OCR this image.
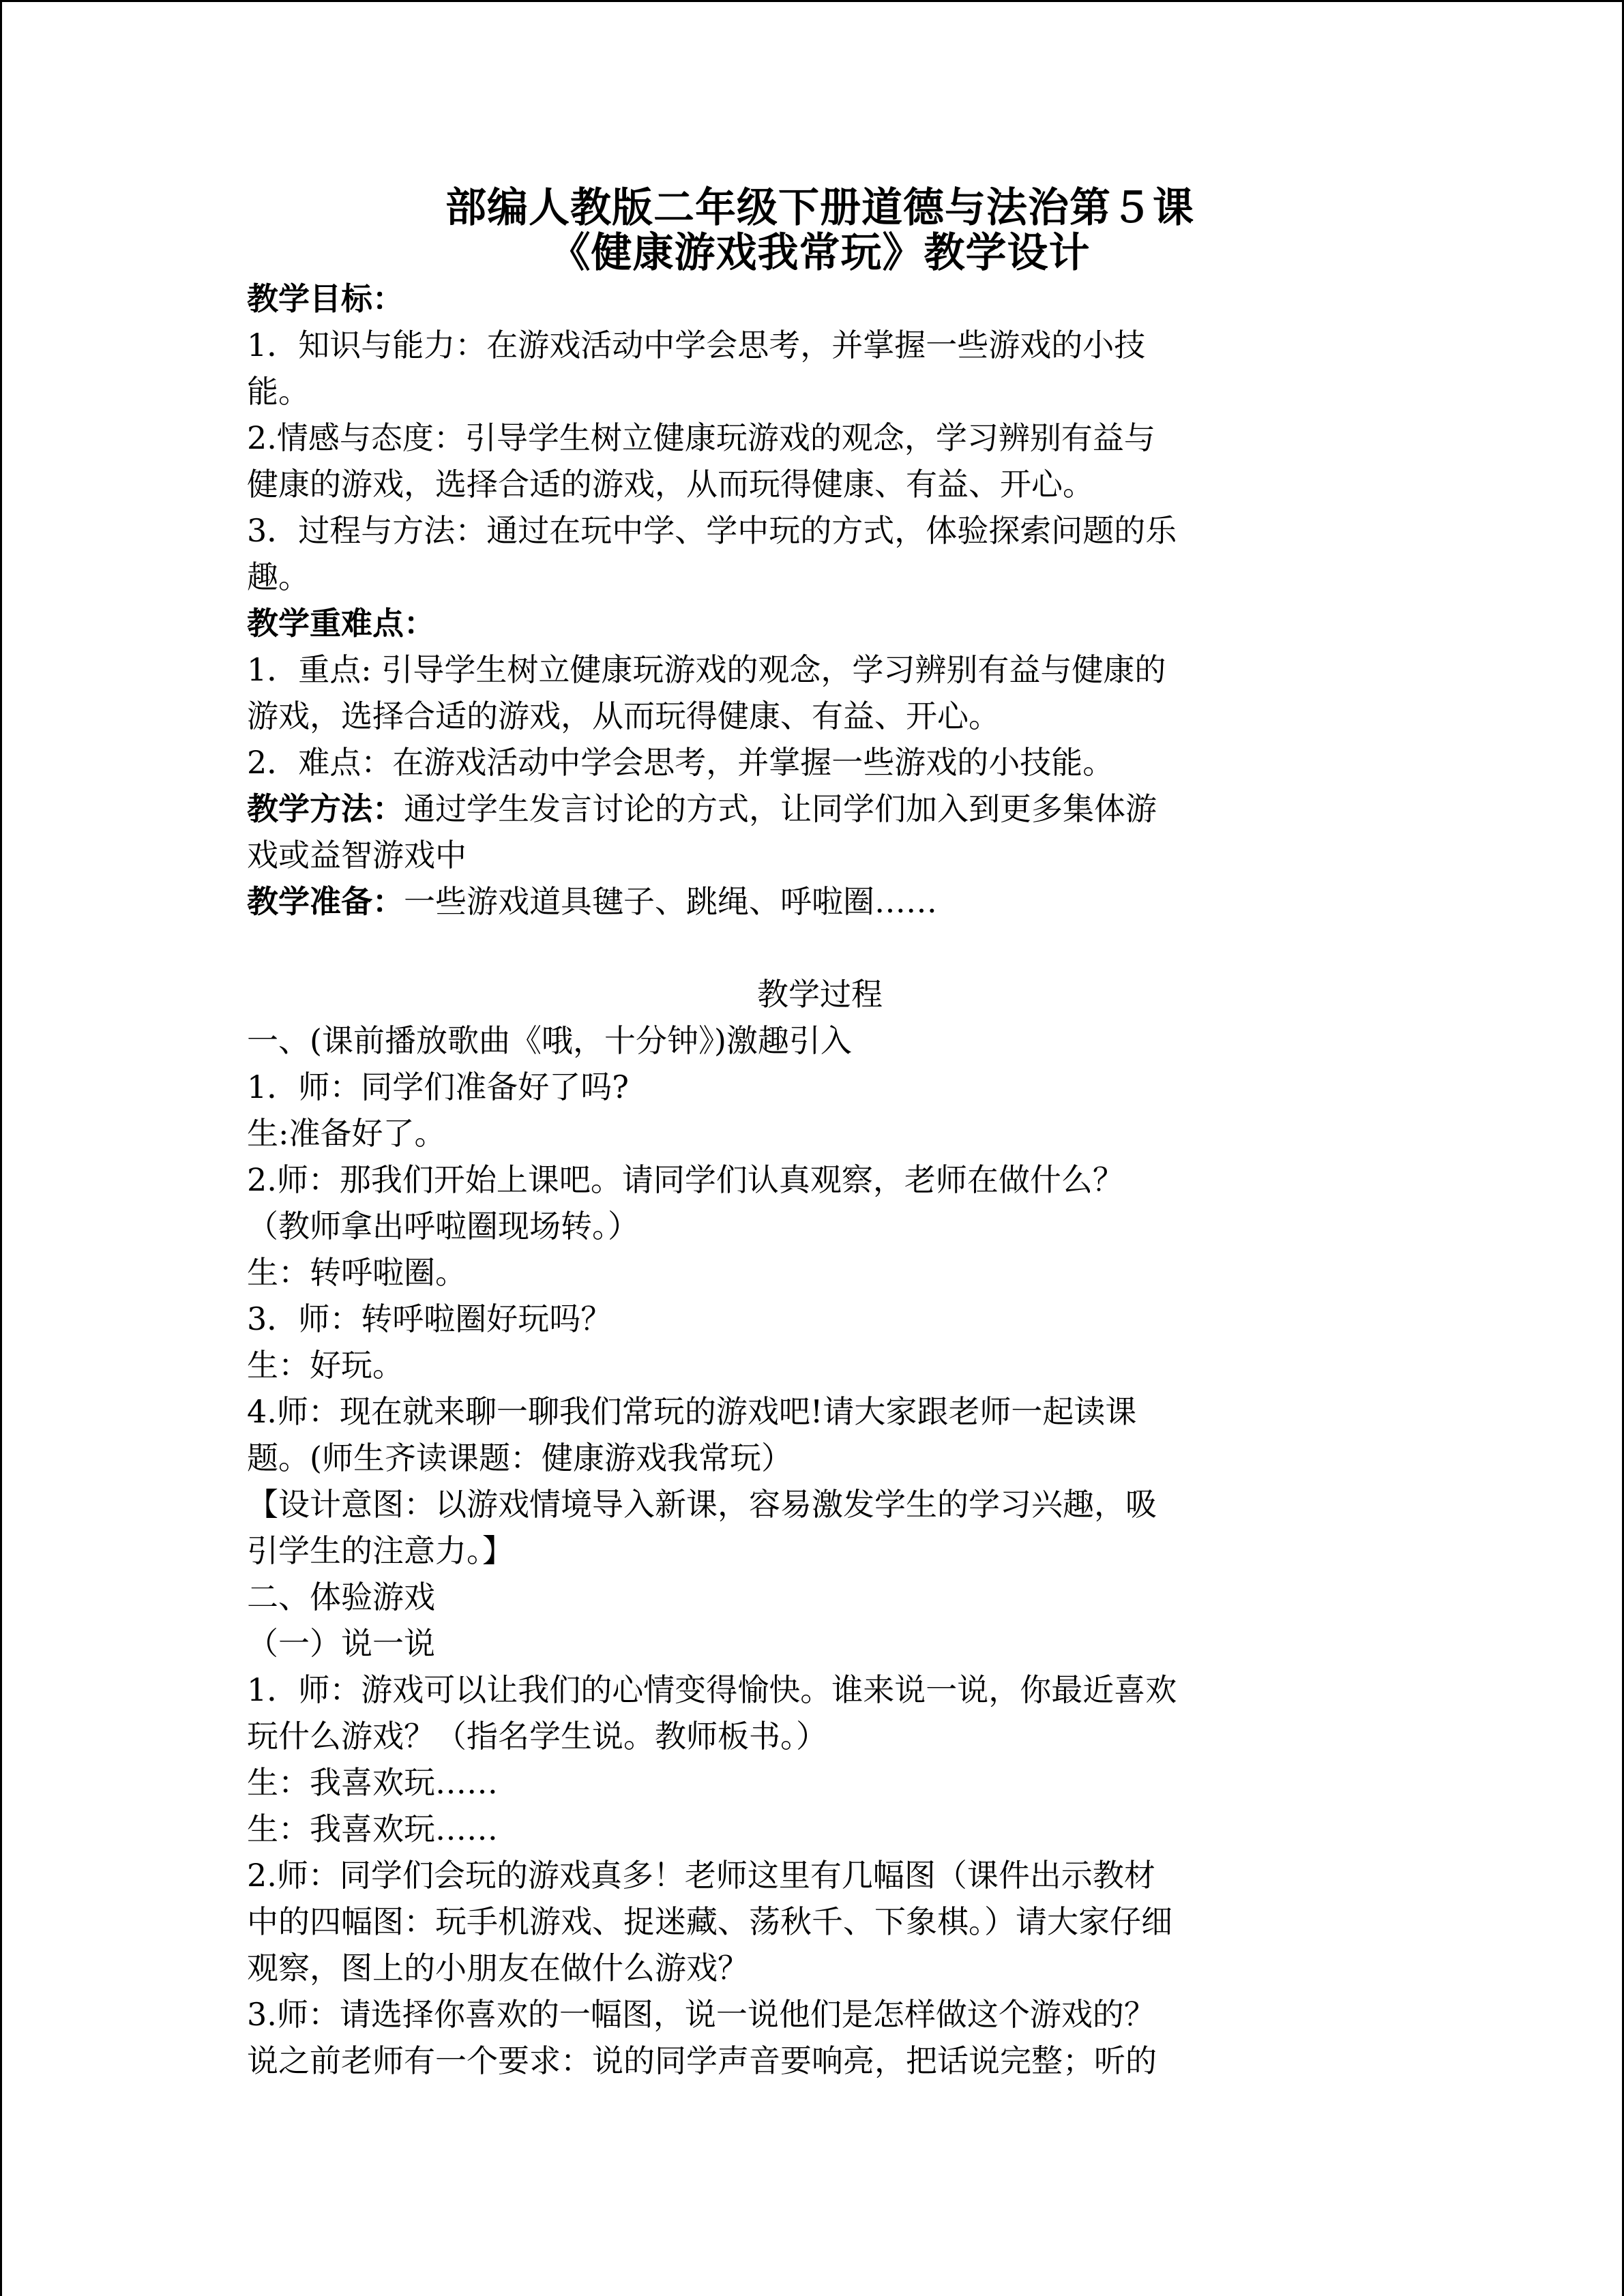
部编人教版二年级下册道德与法治第５课
《健康游戏我常玩》教学设计
教学目标：
1．知识与能力：在游戏活动中学会思考，并掌握一些游戏的小技
能。
2.情感与态度：引导学生树立健康玩游戏的观念，学习辨别有益与
健康的游戏，选择合适的游戏，从而玩得健康、有益、开心。
3．过程与方法：通过在玩中学、学中玩的方式，体验探索问题的乐
趣。
教学重难点：
1．重点: 引导学生树立健康玩游戏的观念，学习辨别有益与健康的
游戏，选择合适的游戏，从而玩得健康、有益、开心。
2．难点：在游戏活动中学会思考，并掌握一些游戏的小技能。
教学方法：通过学生发言讨论的方式，让同学们加入到更多集体游
戏或益智游戏中
教学准备：一些游戏道具毽子、跳绳、呼啦圈……
教学过程
一、(课前播放歌曲《哦，十分钟》)激趣引入
1．师：同学们准备好了吗?
生:准备好了。
2.师：那我们开始上课吧。请同学们认真观察，老师在做什么？
（教师拿出呼啦圈现场转。）
生：转呼啦圈。
3．师：转呼啦圈好玩吗？
生：好玩。
4.师：现在就来聊一聊我们常玩的游戏吧!请大家跟老师一起读课
题。(师生齐读课题：健康游戏我常玩）
【设计意图：以游戏情境导入新课，容易激发学生的学习兴趣，吸
引学生的注意力。】
二、体验游戏
（一）说一说
1．师：游戏可以让我们的心情变得愉快。谁来说一说，你最近喜欢
玩什么游戏？（指名学生说。教师板书。）
生：我喜欢玩……
生：我喜欢玩……
2.师：同学们会玩的游戏真多！老师这里有几幅图（课件出示教材
中的四幅图：玩手机游戏、捉迷藏、荡秋千、下象棋。）请大家仔细
观察，图上的小朋友在做什么游戏？
3.师：请选择你喜欢的一幅图，说一说他们是怎样做这个游戏的？
说之前老师有一个要求：说的同学声音要响亮，把话说完整；听的
